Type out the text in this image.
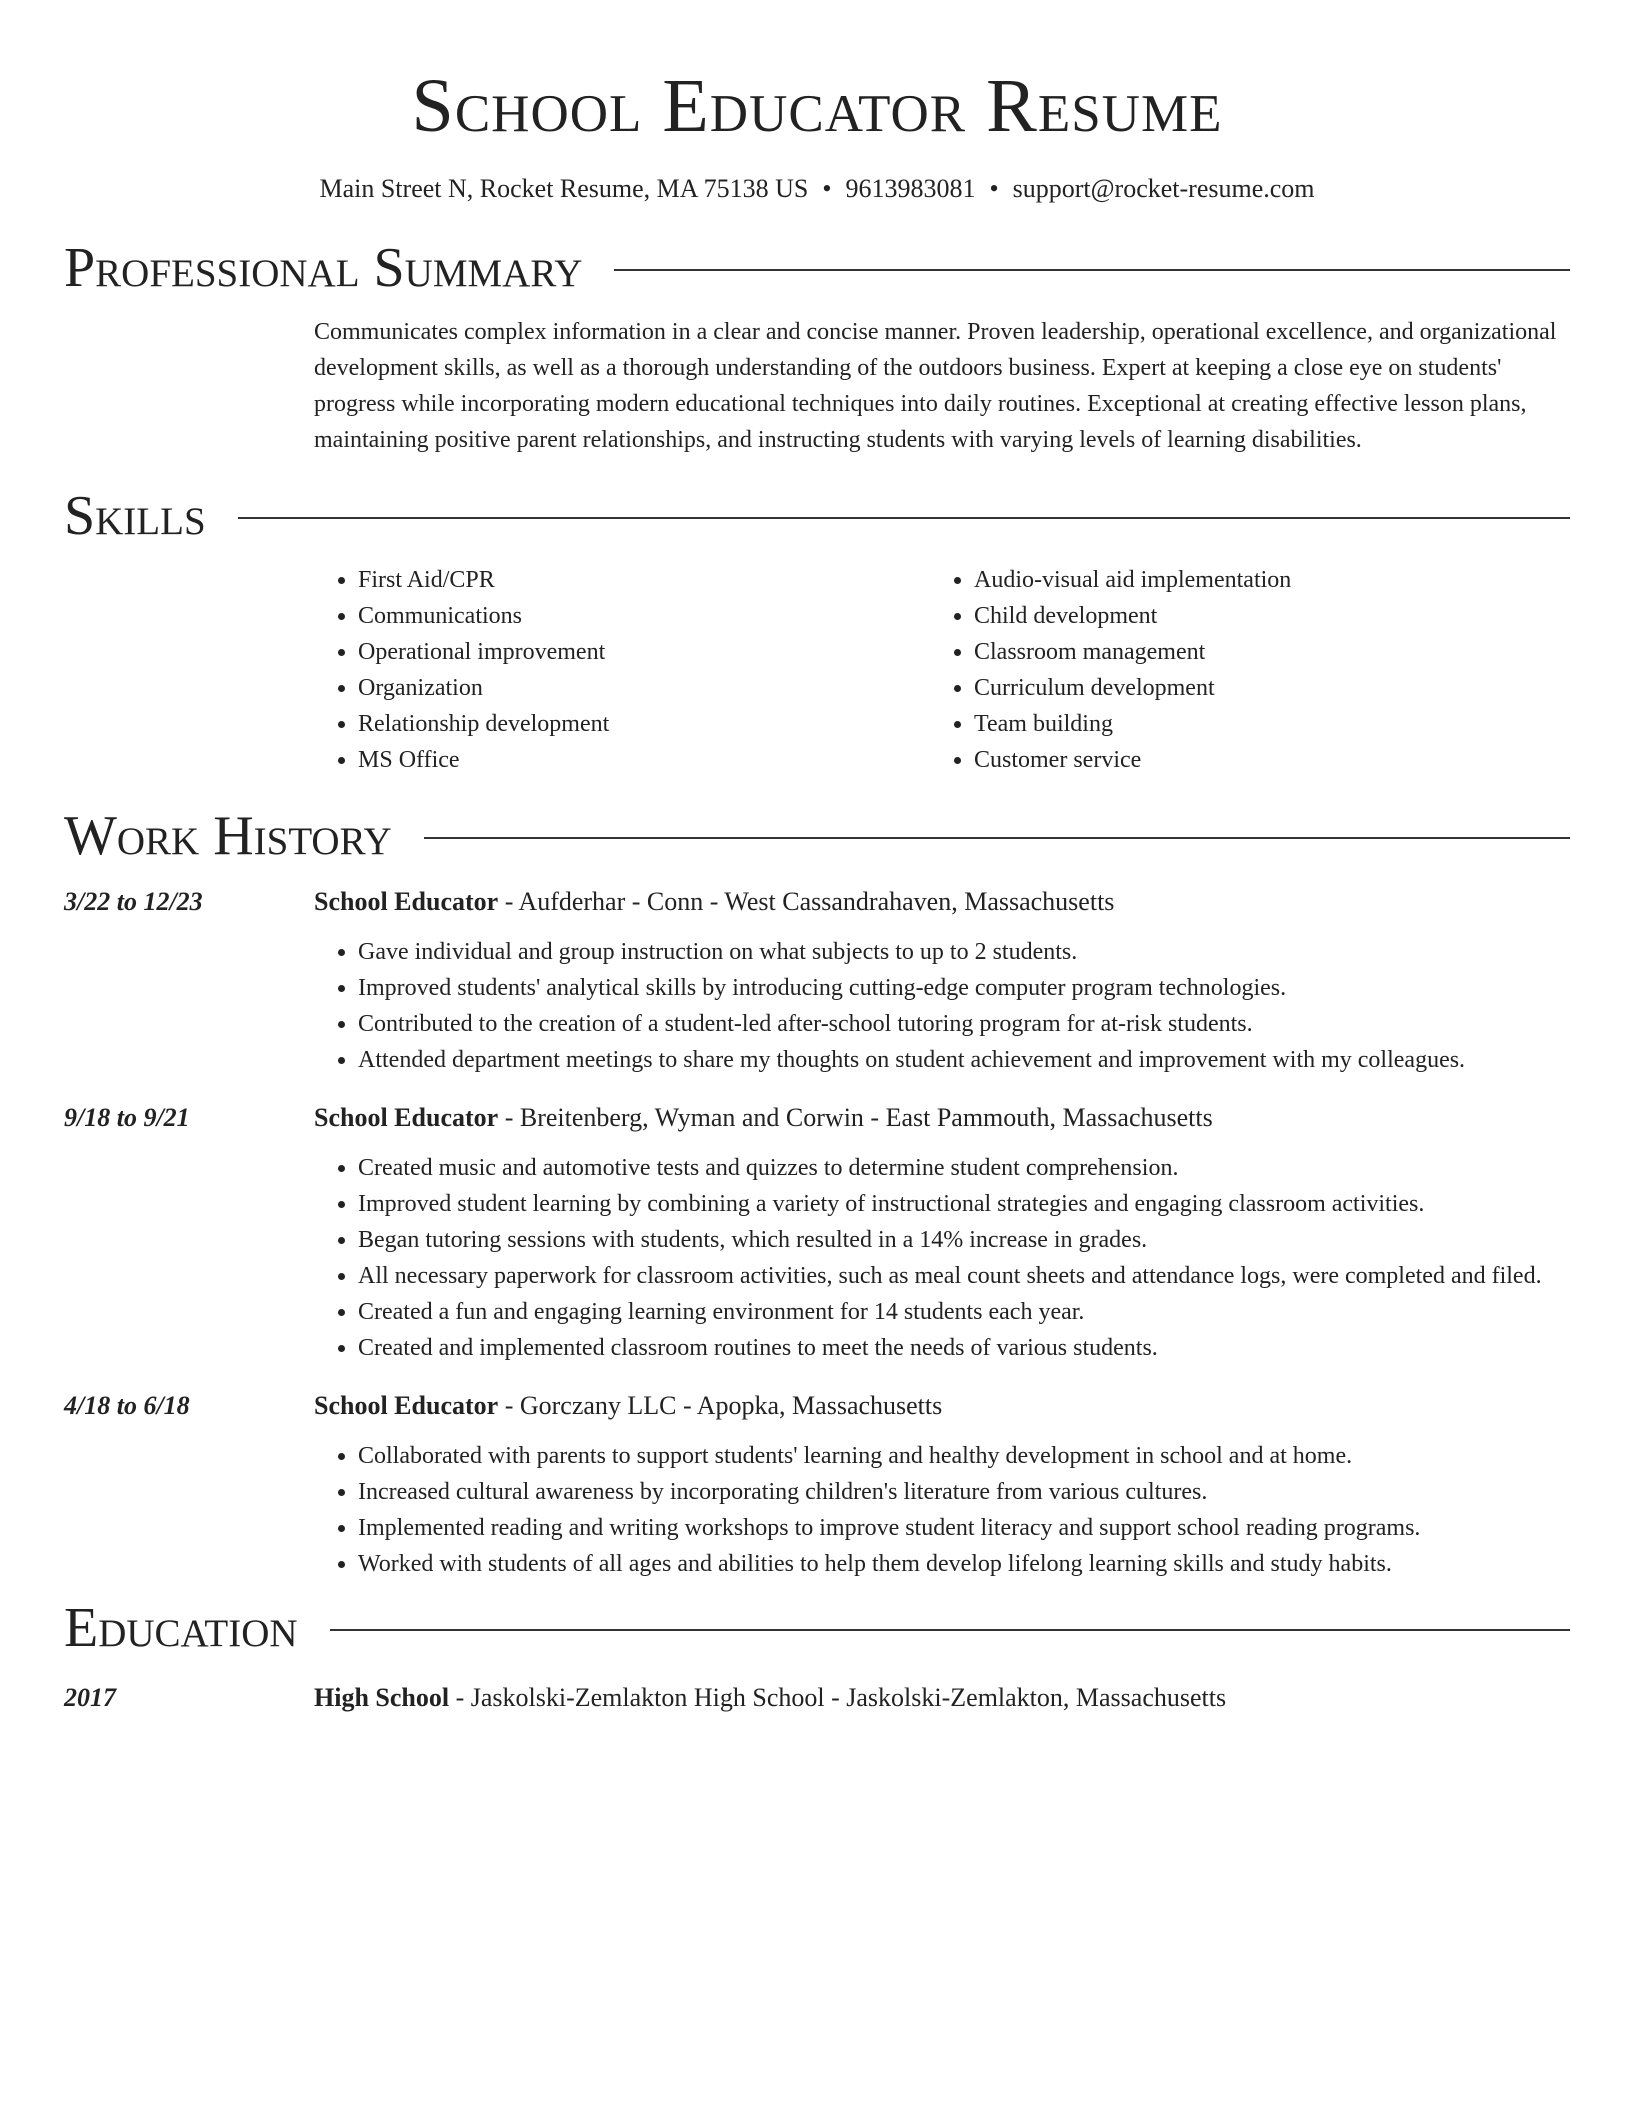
School Educator Resume
Main Street N, Rocket Resume, MA 75138 US • 9613983081 • support@rocket-resume.com
Professional Summary
Communicates complex information in a clear and concise manner. Proven leadership, operational excellence, and organizational development skills, as well as a thorough understanding of the outdoors business. Expert at keeping a close eye on students' progress while incorporating modern educational techniques into daily routines. Exceptional at creating effective lesson plans, maintaining positive parent relationships, and instructing students with varying levels of learning disabilities.
Skills
• First Aid/CPR
• Communications
• Operational improvement
• Organization
• Relationship development
• MS Office
• Audio-visual aid implementation
• Child development
• Classroom management
• Curriculum development
• Team building
• Customer service
Work History
3/22 to 12/23	School Educator - Aufderhar - Conn - West Cassandrahaven, Massachusetts
• Gave individual and group instruction on what subjects to up to 2 students.
• Improved students' analytical skills by introducing cutting-edge computer program technologies.
• Contributed to the creation of a student-led after-school tutoring program for at-risk students.
• Attended department meetings to share my thoughts on student achievement and improvement with my colleagues.
9/18 to 9/21	School Educator - Breitenberg, Wyman and Corwin - East Pammouth, Massachusetts
• Created music and automotive tests and quizzes to determine student comprehension.
• Improved student learning by combining a variety of instructional strategies and engaging classroom activities.
• Began tutoring sessions with students, which resulted in a 14% increase in grades.
• All necessary paperwork for classroom activities, such as meal count sheets and attendance logs, were completed and filed.
• Created a fun and engaging learning environment for 14 students each year.
• Created and implemented classroom routines to meet the needs of various students.
4/18 to 6/18	School Educator - Gorczany LLC - Apopka, Massachusetts
• Collaborated with parents to support students' learning and healthy development in school and at home.
• Increased cultural awareness by incorporating children's literature from various cultures.
• Implemented reading and writing workshops to improve student literacy and support school reading programs.
• Worked with students of all ages and abilities to help them develop lifelong learning skills and study habits.
Education
2017	High School - Jaskolski-Zemlakton High School - Jaskolski-Zemlakton, Massachusetts
